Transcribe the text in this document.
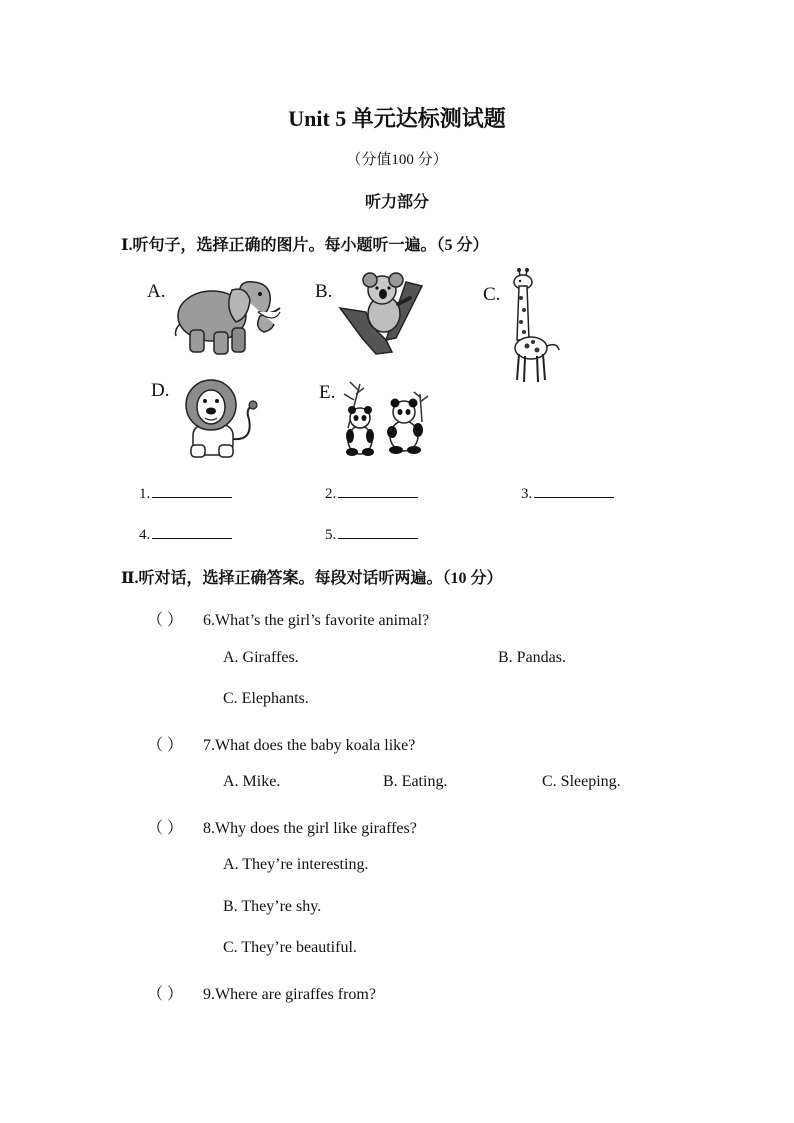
Unit 5 单元达标测试题
（分值100 分）
听力部分
Ⅰ.听句子，选择正确的图片。每小题听一遍。（5 分）
A.	B.	C.
D.	E.
1.	2.	3.
4.	5.
Ⅱ.听对话，选择正确答案。每段对话听两遍。（10 分）
（ ） 6.What’s the girl’s favorite animal?
A. Giraffes.	B. Pandas.
C. Elephants.
（ ） 7.What does the baby koala like?
A. Mike.	B. Eating.	C. Sleeping.
（ ） 8.Why does the girl like giraffes?
A. They’re interesting.
B. They’re shy.
C. They’re beautiful.
（ ） 9.Where are giraffes from?
